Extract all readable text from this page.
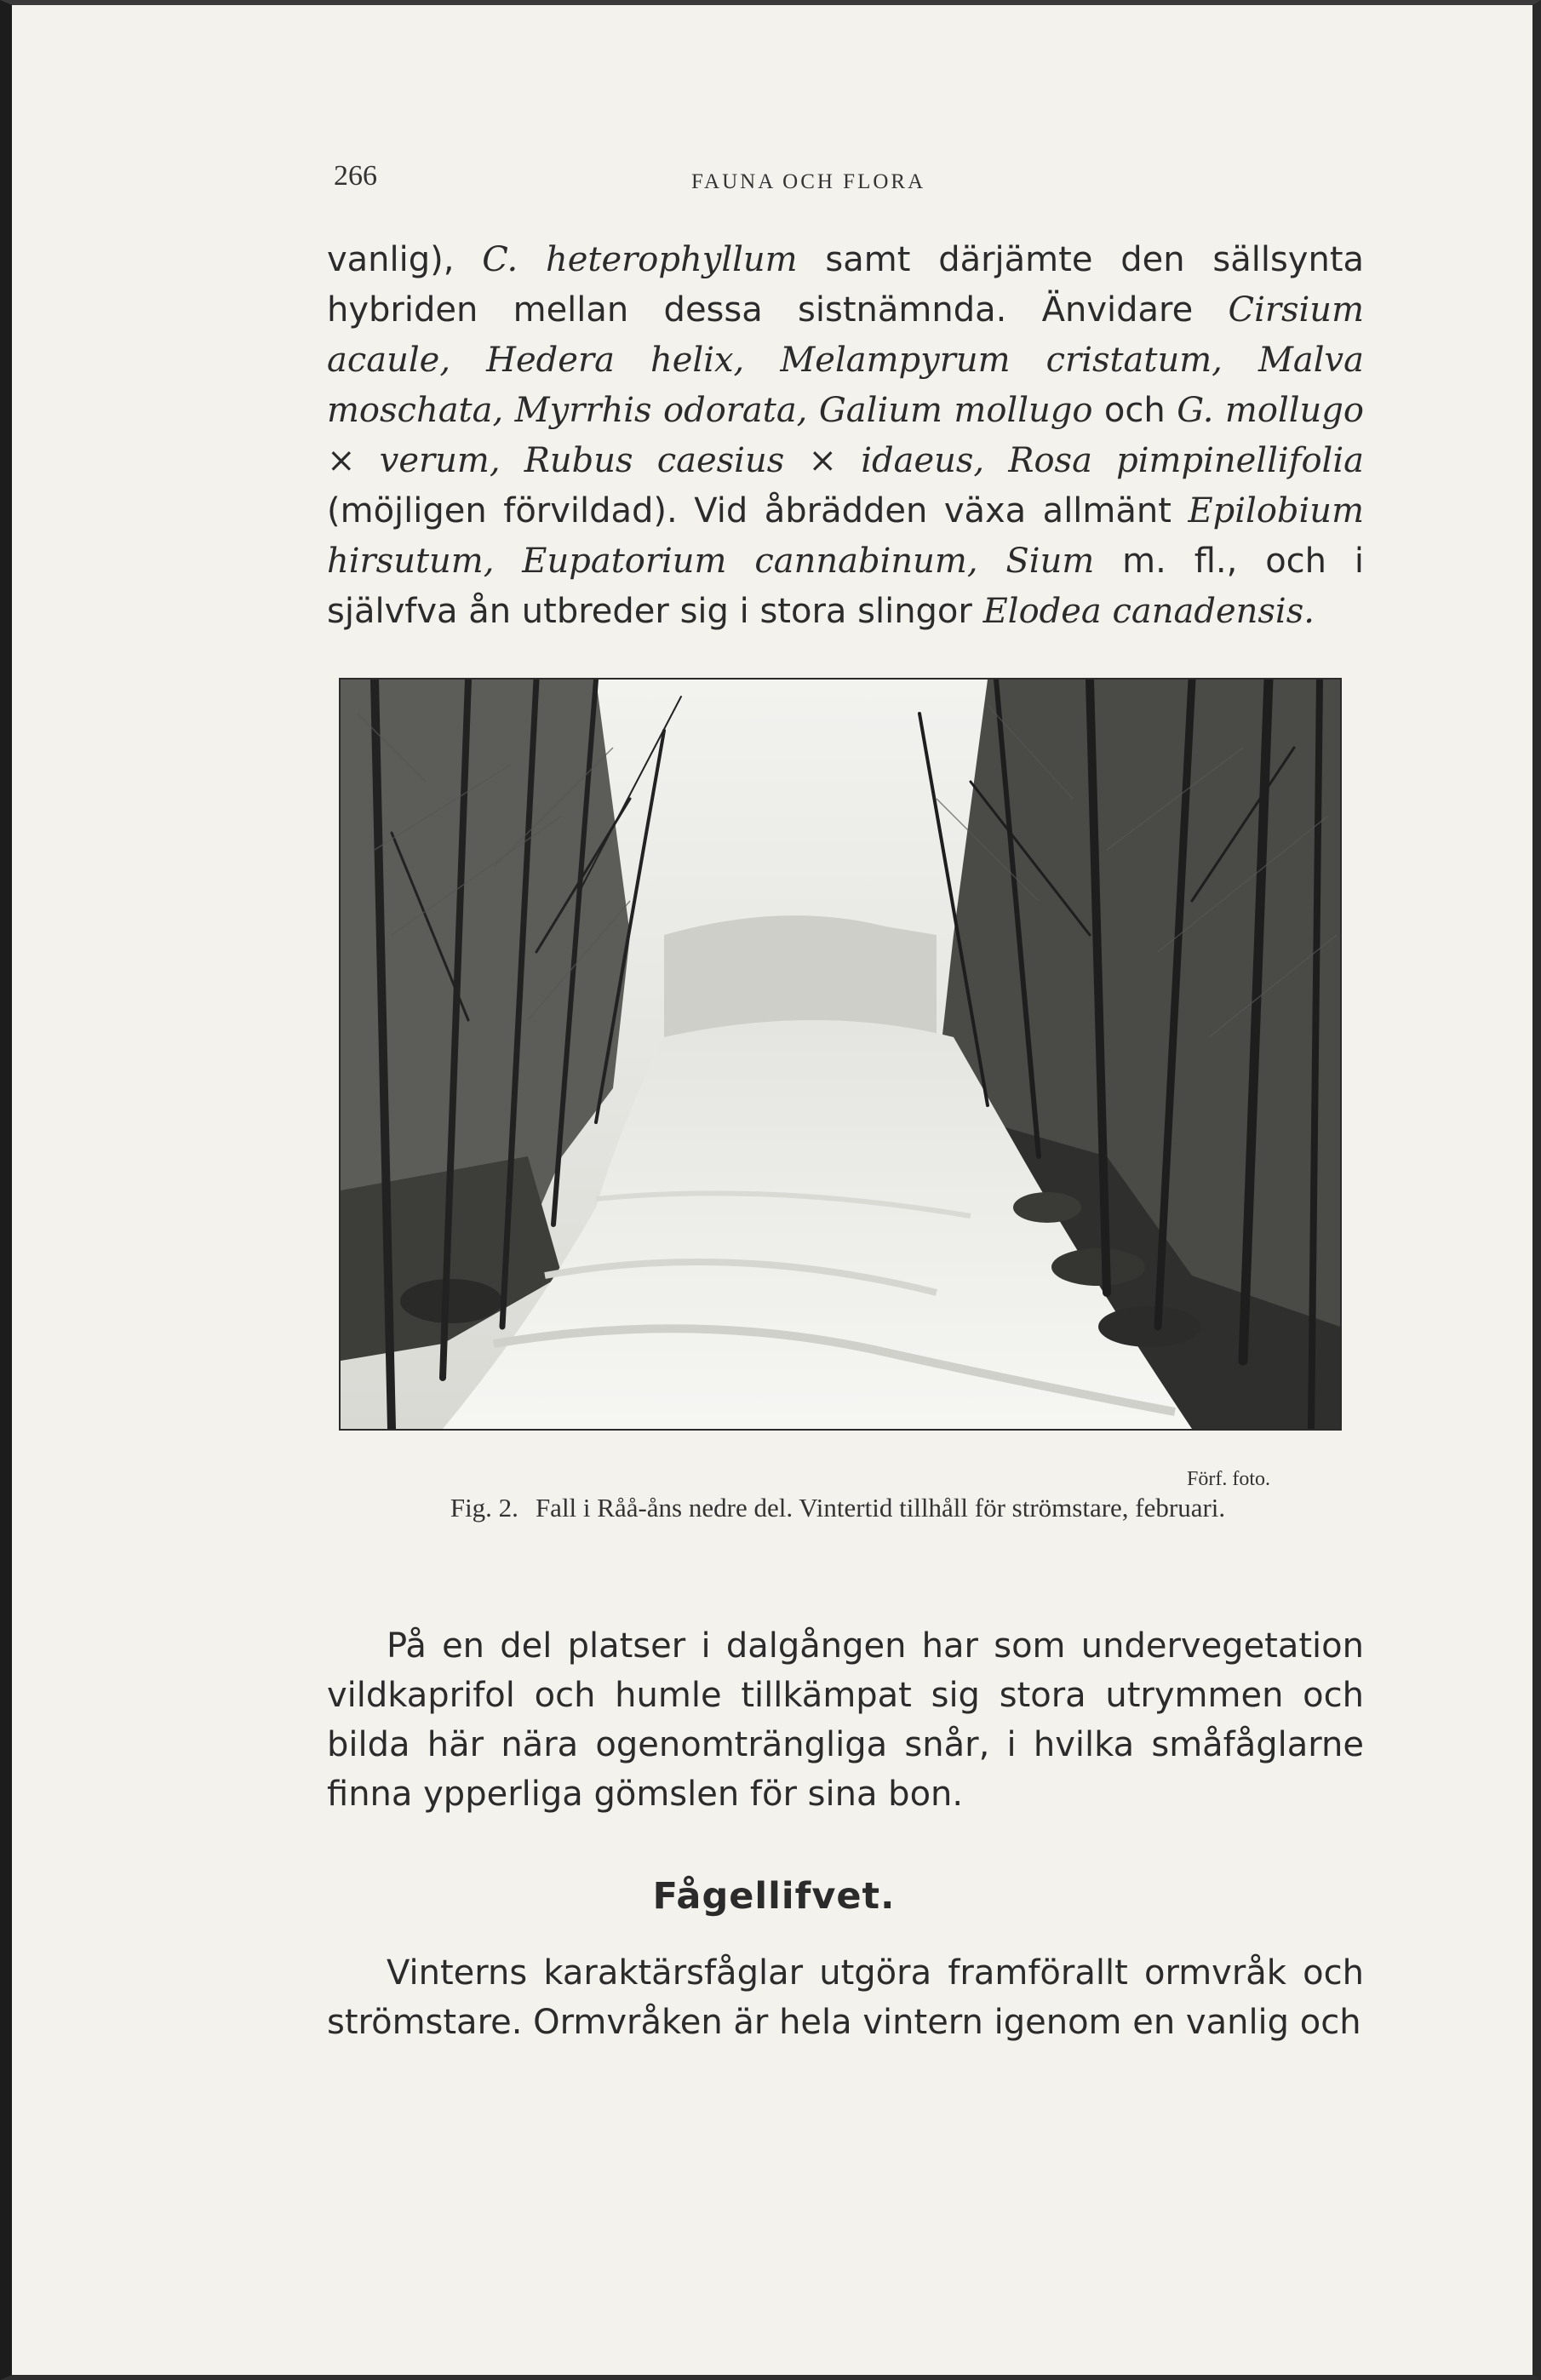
266	FAUNA OCH FLORA

vanlig), C. heterophyllum samt därjämte den sällsynta hybriden mellan dessa sistnämnda. Änvidare Cirsium acaule, Hedera helix, Melampyrum cristatum, Malva moschata, Myrrhis odorata, Galium mollugo och G. mollugo × verum, Rubus caesius × idaeus, Rosa pimpinellifolia (möjligen förvildad). Vid åbrädden växa allmänt Epilobium hirsutum, Eupatorium cannabinum, Sium m. fl., och i självfva ån utbreder sig i stora slingor Elodea canadensis.

Förf. foto.
Fig. 2. Fall i Råå-åns nedre del. Vintertid tillhåll för strömstare, februari.

På en del platser i dalgången har som undervegetation vildkaprifol och humle tillkämpat sig stora utrymmen och bilda här nära ogenomträngliga snår, i hvilka småfåglarne finna ypperliga gömslen för sina bon.

Fågellifvet.

Vinterns karaktärsfåglar utgöra framförallt ormvråk och strömstare. Ormvråken är hela vintern igenom en vanlig och
